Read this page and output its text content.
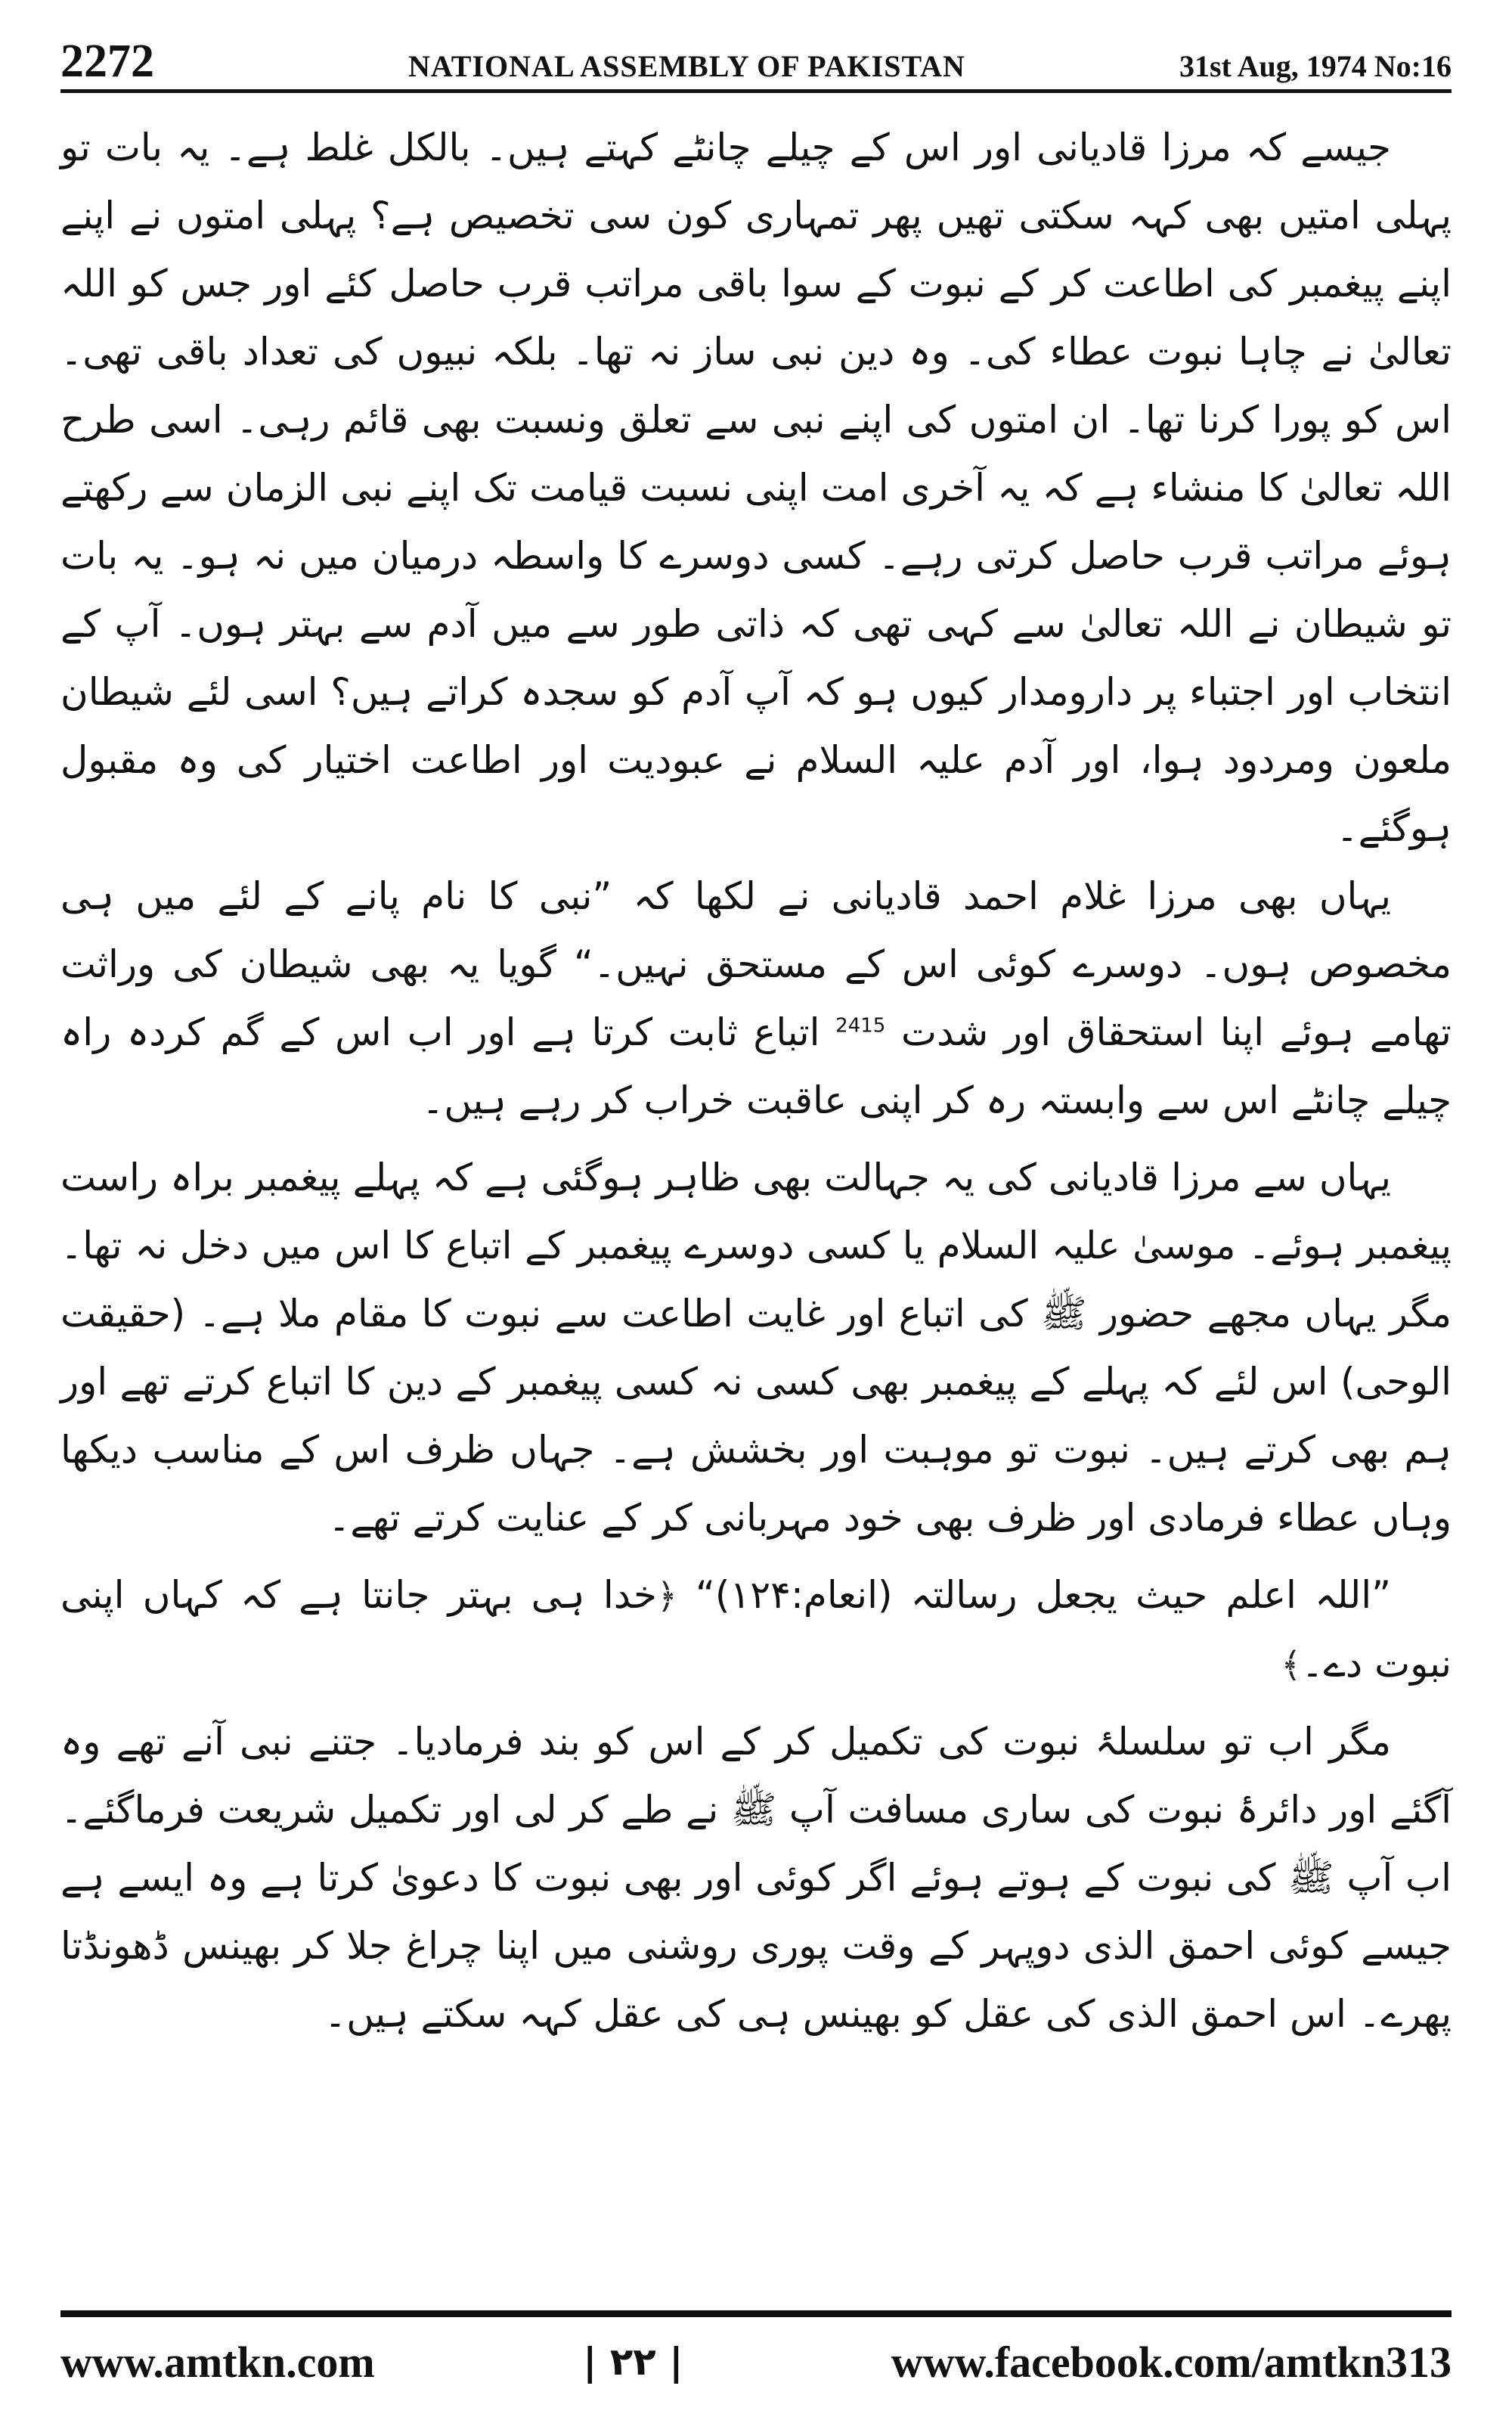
2272	NATIONAL ASSEMBLY OF PAKISTAN	31st Aug, 1974 No:16

جیسے کہ مرزا قادیانی اور اس کے چیلے چانٹے کہتے ہیں۔ بالکل غلط ہے۔ یہ بات تو پہلی امتیں بھی کہہ سکتی تھیں پھر تمہاری کون سی تخصیص ہے؟ پہلی امتوں نے اپنے اپنے پیغمبر کی اطاعت کر کے نبوت کے سوا باقی مراتب قرب حاصل کئے اور جس کو اللہ تعالیٰ نے چاہا نبوت عطاء کی۔ وہ دین نبی ساز نہ تھا۔ بلکہ نبیوں کی تعداد باقی تھی۔ اس کو پورا کرنا تھا۔ ان امتوں کی اپنے نبی سے تعلق ونسبت بھی قائم رہی۔ اسی طرح اللہ تعالیٰ کا منشاء ہے کہ یہ آخری امت اپنی نسبت قیامت تک اپنے نبی الزمان سے رکھتے ہوئے مراتب قرب حاصل کرتی رہے۔ کسی دوسرے کا واسطہ درمیان میں نہ ہو۔ یہ بات تو شیطان نے اللہ تعالیٰ سے کہی تھی کہ ذاتی طور سے میں آدم سے بہتر ہوں۔ آپ کے انتخاب اور اجتباء پر دارومدار کیوں ہو کہ آپ آدم کو سجدہ کراتے ہیں؟ اسی لئے شیطان ملعون ومردود ہوا، اور آدم علیہ السلام نے عبودیت اور اطاعت اختیار کی وہ مقبول ہوگئے۔

یہاں بھی مرزا غلام احمد قادیانی نے لکھا کہ ”نبی کا نام پانے کے لئے میں ہی مخصوص ہوں۔ دوسرے کوئی اس کے مستحق نہیں۔“ گویا یہ بھی شیطان کی وراثت تھامے ہوئے اپنا استحقاق اور شدت $^{2415}$ اتباع ثابت کرتا ہے اور اب اس کے گم کردہ راہ چیلے چانٹے اس سے وابستہ رہ کر اپنی عاقبت خراب کر رہے ہیں۔

یہاں سے مرزا قادیانی کی یہ جہالت بھی ظاہر ہوگئی ہے کہ پہلے پیغمبر براہ راست پیغمبر ہوئے۔ موسیٰ علیہ السلام یا کسی دوسرے پیغمبر کے اتباع کا اس میں دخل نہ تھا۔ مگر یہاں مجھے حضور ﷺ کی اتباع اور غایت اطاعت سے نبوت کا مقام ملا ہے۔ (حقیقت الوحی) اس لئے کہ پہلے کے پیغمبر بھی کسی نہ کسی پیغمبر کے دین کا اتباع کرتے تھے اور ہم بھی کرتے ہیں۔ نبوت تو موہبت اور بخشش ہے۔ جہاں ظرف اس کے مناسب دیکھا وہاں عطاء فرمادی اور ظرف بھی خود مہربانی کر کے عنایت کرتے تھے۔

”اللہ اعلم حیث یجعل رسالتہ (انعام:۱۲۴)“ ﴿خدا ہی بہتر جانتا ہے کہ کہاں اپنی نبوت دے۔﴾

مگر اب تو سلسلۂ نبوت کی تکمیل کر کے اس کو بند فرمادیا۔ جتنے نبی آنے تھے وہ آگئے اور دائرۂ نبوت کی ساری مسافت آپ ﷺ نے طے کر لی اور تکمیل شریعت فرماگئے۔ اب آپ ﷺ کی نبوت کے ہوتے ہوئے اگر کوئی اور بھی نبوت کا دعویٰ کرتا ہے وہ ایسے ہے جیسے کوئی احمق الذی دوپہر کے وقت پوری روشنی میں اپنا چراغ جلا کر بھینس ڈھونڈتا پھرے۔ اس احمق الذی کی عقل کو بھینس ہی کی عقل کہہ سکتے ہیں۔

www.amtkn.com	| ۲۲ |	www.facebook.com/amtkn313
